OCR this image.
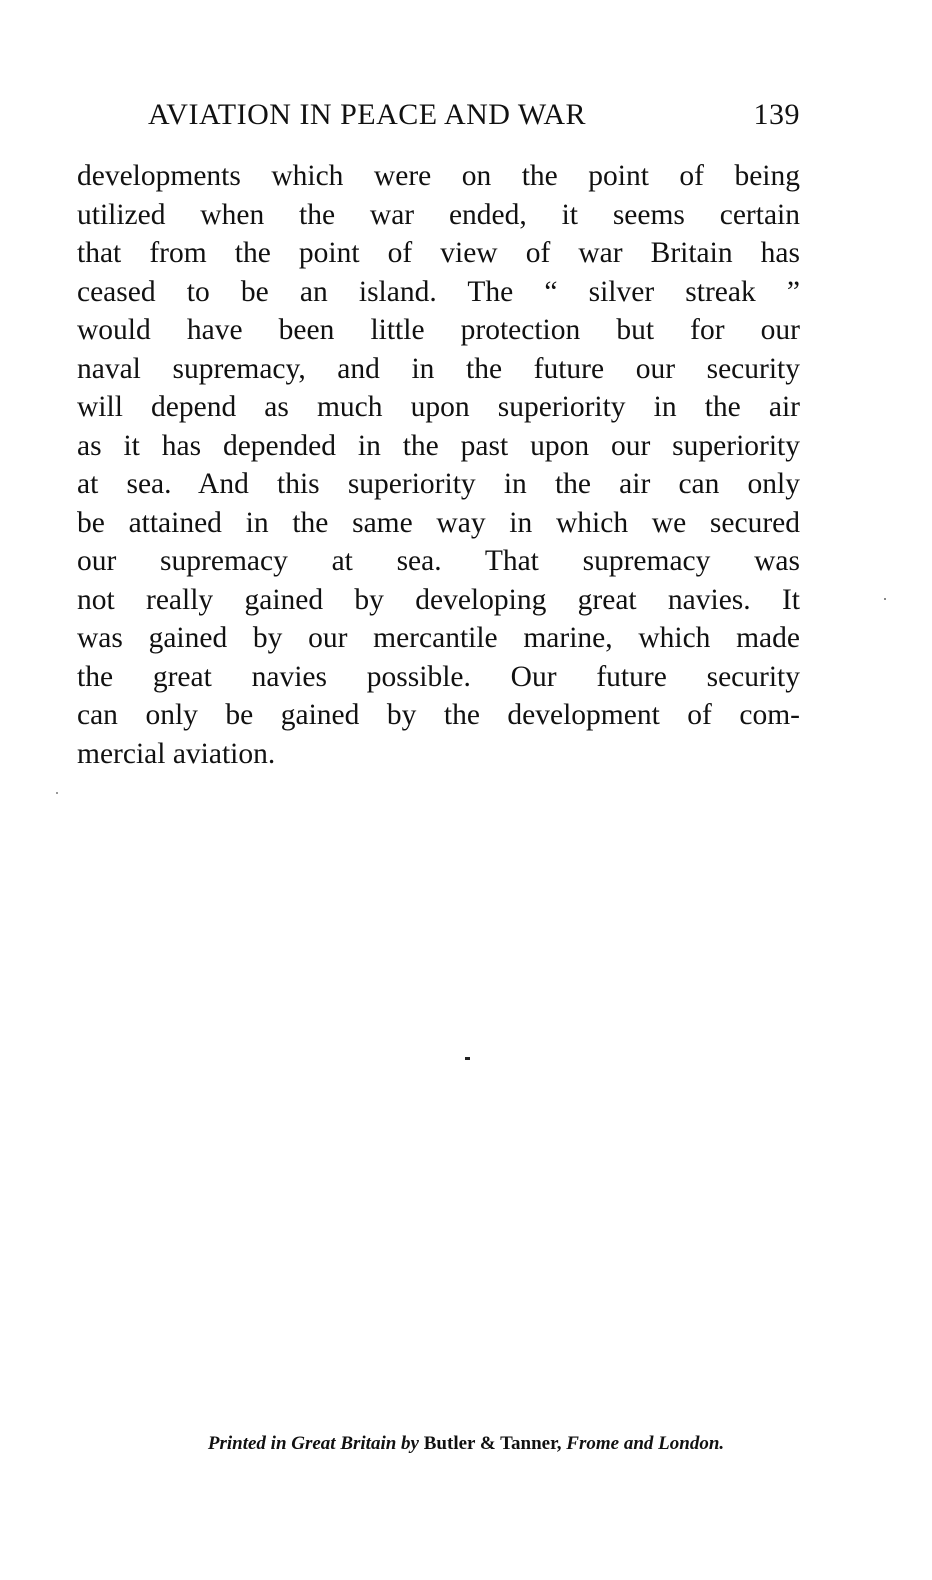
AVIATION IN PEACE AND WAR	139
developments which were on the point of being
utilized when the war ended, it seems certain
that from the point of view of war Britain has
ceased to be an island. The “ silver streak ”
would have been little protection but for our
naval supremacy, and in the future our security
will depend as much upon superiority in the air
as it has depended in the past upon our superiority
at sea. And this superiority in the air can only
be attained in the same way in which we secured
our supremacy at sea. That supremacy was
not really gained by developing great navies. It
was gained by our mercantile marine, which made
the great navies possible. Our future security
can only be gained by the development of com-
mercial aviation.
Printed in Great Britain by Butler & Tanner, Frome and London.
